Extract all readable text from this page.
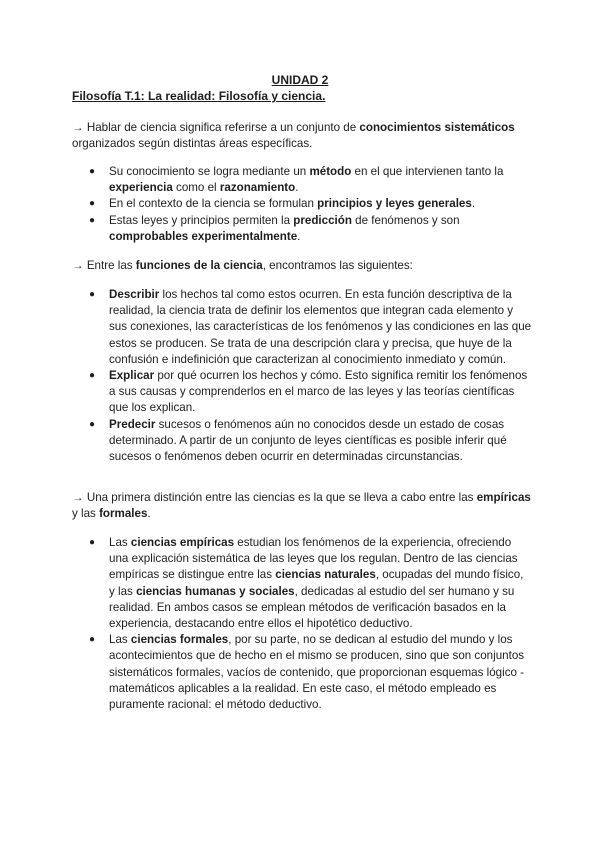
UNIDAD 2
Filosofía T.1: La realidad: Filosofía y ciencia.

→ Hablar de ciencia significa referirse a un conjunto de conocimientos sistemáticos organizados según distintas áreas específicas.

●	Su conocimiento se logra mediante un método en el que intervienen tanto la experiencia como el razonamiento.
●	En el contexto de la ciencia se formulan principios y leyes generales.
●	Estas leyes y principios permiten la predicción de fenómenos y son comprobables experimentalmente.

→ Entre las funciones de la ciencia, encontramos las siguientes:

●	Describir los hechos tal como estos ocurren. En esta función descriptiva de la realidad, la ciencia trata de definir los elementos que integran cada elemento y sus conexiones, las características de los fenómenos y las condiciones en las que estos se producen. Se trata de una descripción clara y precisa, que huye de la confusión e indefinición que caracterizan al conocimiento inmediato y común.
●	Explicar por qué ocurren los hechos y cómo. Esto significa remitir los fenómenos a sus causas y comprenderlos en el marco de las leyes y las teorías científicas que los explican.
●	Predecir sucesos o fenómenos aún no conocidos desde un estado de cosas determinado. A partir de un conjunto de leyes científicas es posible inferir qué sucesos o fenómenos deben ocurrir en determinadas circunstancias.

→ Una primera distinción entre las ciencias es la que se lleva a cabo entre las empíricas y las formales.

●	Las ciencias empíricas estudian los fenómenos de la experiencia, ofreciendo una explicación sistemática de las leyes que los regulan. Dentro de las ciencias empíricas se distingue entre las ciencias naturales, ocupadas del mundo físico, y las ciencias humanas y sociales, dedicadas al estudio del ser humano y su realidad. En ambos casos se emplean métodos de verificación basados en la experiencia, destacando entre ellos el hipotético deductivo.
●	Las ciencias formales, por su parte, no se dedican al estudio del mundo y los acontecimientos que de hecho en el mismo se producen, sino que son conjuntos sistemáticos formales, vacíos de contenido, que proporcionan esquemas lógico - matemáticos aplicables a la realidad. En este caso, el método empleado es puramente racional: el método deductivo.
